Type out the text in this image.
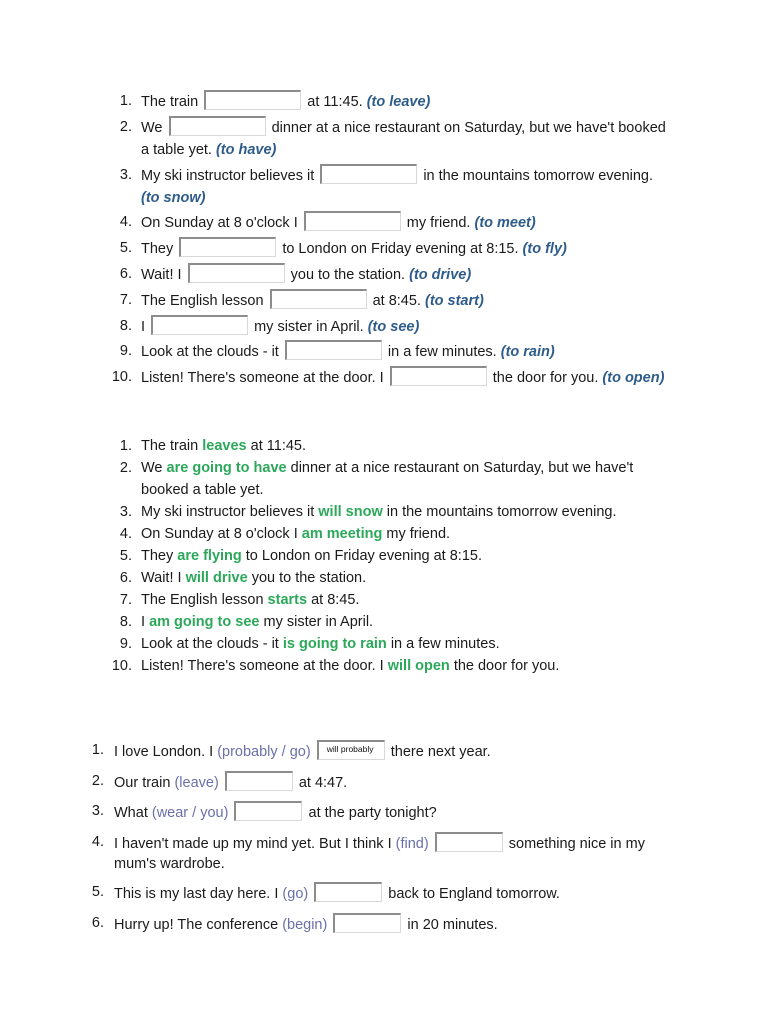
1. The train	at 11:45. (to leave)
2. We	dinner at a nice restaurant on Saturday, but we have't booked a table yet. (to have)
3. My ski instructor believes it	in the mountains tomorrow evening. (to snow)
4. On Sunday at 8 o'clock I	my friend. (to meet)
5. They	to London on Friday evening at 8:15. (to fly)
6. Wait! I	you to the station. (to drive)
7. The English lesson	at 8:45. (to start)
8. I	my sister in April. (to see)
9. Look at the clouds - it	in a few minutes. (to rain)
10. Listen! There's someone at the door. I	the door for you. (to open)
1. The train leaves at 11:45.
2. We are going to have dinner at a nice restaurant on Saturday, but we have't booked a table yet.
3. My ski instructor believes it will snow in the mountains tomorrow evening.
4. On Sunday at 8 o'clock I am meeting my friend.
5. They are flying to London on Friday evening at 8:15.
6. Wait! I will drive you to the station.
7. The English lesson starts at 8:45.
8. I am going to see my sister in April.
9. Look at the clouds - it is going to rain in a few minutes.
10. Listen! There's someone at the door. I will open the door for you.
1. I love London. I (probably / go) will probably there next year.
2. Our train (leave)	at 4:47.
3. What (wear / you)	at the party tonight?
4. I haven't made up my mind yet. But I think I (find)	something nice in my mum's wardrobe.
5. This is my last day here. I (go)	back to England tomorrow.
6. Hurry up! The conference (begin)	in 20 minutes.
